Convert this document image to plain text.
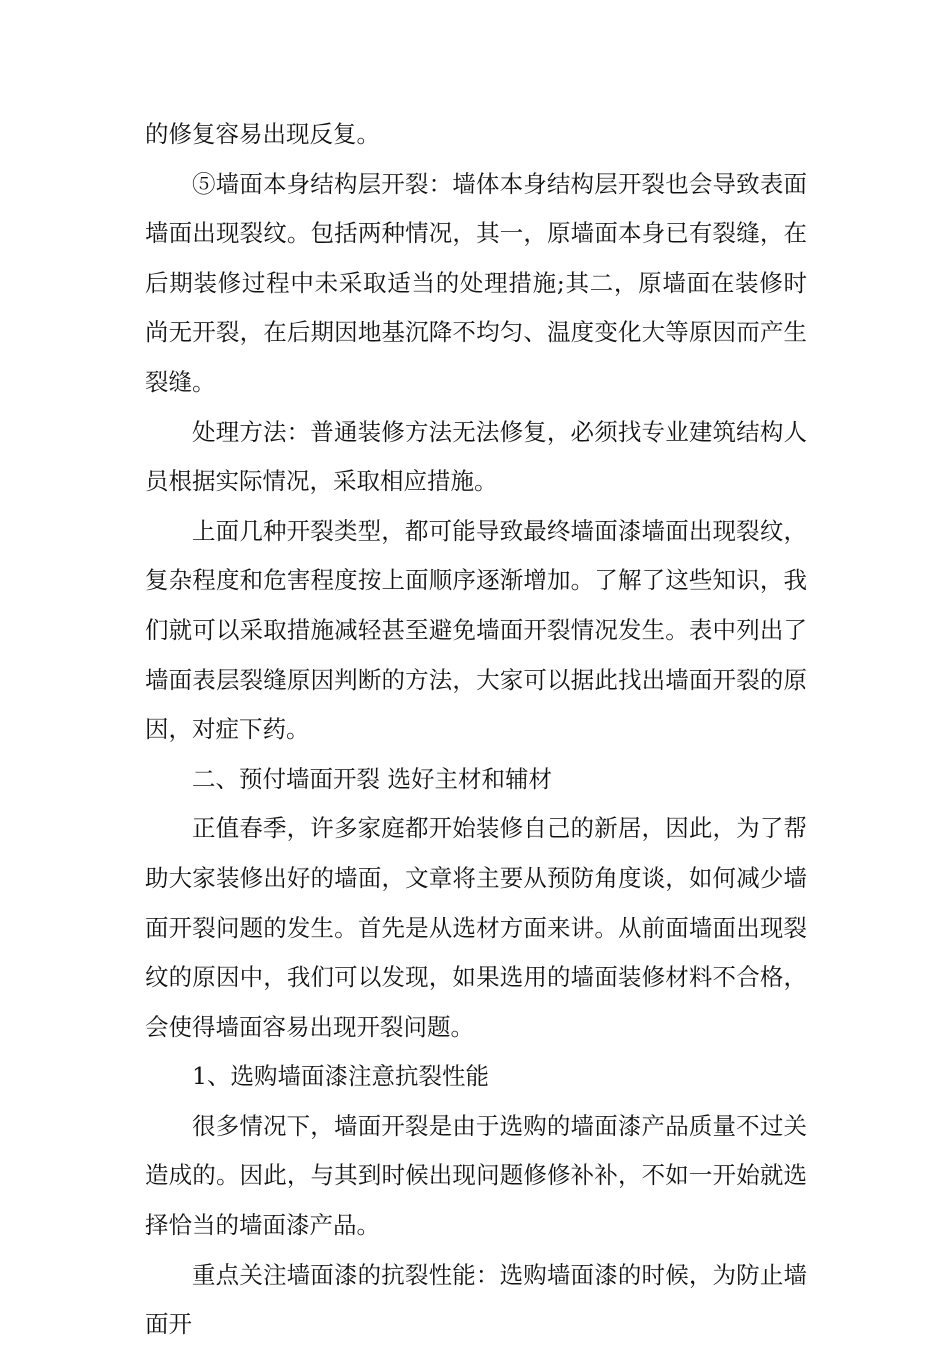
的修复容易出现反复。

⑤墙面本身结构层开裂：墙体本身结构层开裂也会导致表面墙面出现裂纹。包括两种情况，其一，原墙面本身已有裂缝，在后期装修过程中未采取适当的处理措施;其二，原墙面在装修时尚无开裂，在后期因地基沉降不均匀、温度变化大等原因而产生裂缝。

处理方法：普通装修方法无法修复，必须找专业建筑结构人员根据实际情况，采取相应措施。

上面几种开裂类型，都可能导致最终墙面漆墙面出现裂纹，复杂程度和危害程度按上面顺序逐渐增加。了解了这些知识，我们就可以采取措施减轻甚至避免墙面开裂情况发生。表中列出了墙面表层裂缝原因判断的方法，大家可以据此找出墙面开裂的原因，对症下药。

二、预付墙面开裂 选好主材和辅材

正值春季，许多家庭都开始装修自己的新居，因此，为了帮助大家装修出好的墙面，文章将主要从预防角度谈，如何减少墙面开裂问题的发生。首先是从选材方面来讲。从前面墙面出现裂纹的原因中，我们可以发现，如果选用的墙面装修材料不合格，会使得墙面容易出现开裂问题。

1、选购墙面漆注意抗裂性能

很多情况下，墙面开裂是由于选购的墙面漆产品质量不过关造成的。因此，与其到时候出现问题修修补补，不如一开始就选择恰当的墙面漆产品。

重点关注墙面漆的抗裂性能：选购墙面漆的时候，为防止墙面开
